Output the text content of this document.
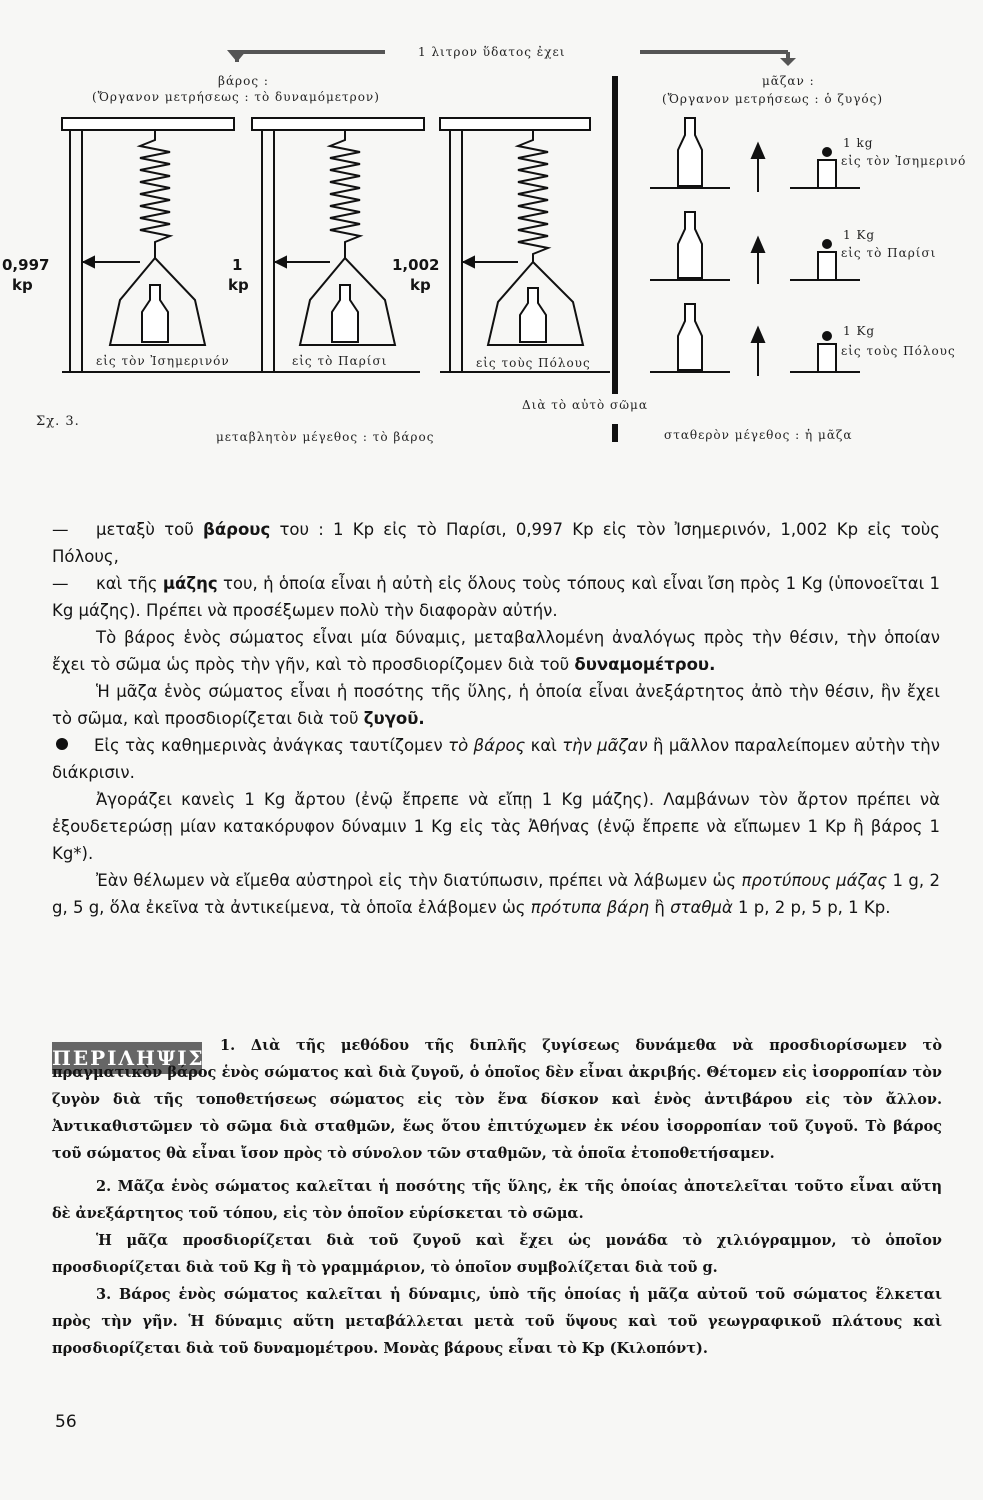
1 λιτρον ὕδατος ἐχει
βάρος :
(Ὄργανον μετρήσεως : τὸ δυναμόμετρον)
μᾶζαν :
(Ὄργανον μετρήσεως : ὁ ζυγός)
0,997
kp
εἰς τὸν Ἰσημερινόν
1
kp
εἰς τὸ Παρίσι
1,002
kp
εἰς τοὺς Πόλους
1 kg
εἰς τὸν Ἰσημερινό
1 Kg
εἰς τὸ Παρίσι
1 Kg
εἰς τοὺς Πόλους
Σχ. 3.
Διὰ τὸ αὐτὸ σῶμα
μεταβλητὸν μέγεθος : τὸ βάρος	σταθερὸν μέγεθος : ἡ μᾶζα

— μεταξὺ τοῦ βάρους του : 1 Kp εἰς τὸ Παρίσι, 0,997 Kp εἰς τὸν Ἰσημερινόν, 1,002 Kp εἰς τοὺς Πόλους,

— καὶ τῆς μάζης του, ἡ ὁποία εἶναι ἡ αὐτὴ εἰς ὅλους τοὺς τόπους καὶ εἶναι ἴση πρὸς 1 Kg (ὑπονοεῖται 1 Kg μάζης). Πρέπει νὰ προσέξωμεν πολὺ τὴν διαφορὰν αὐτήν.

Τὸ βάρος ἑνὸς σώματος εἶναι μία δύναμις, μεταβαλλομένη ἀναλόγως πρὸς τὴν θέσιν, τὴν ὁποίαν ἔχει τὸ σῶμα ὡς πρὸς τὴν γῆν, καὶ τὸ προσδιορίζομεν διὰ τοῦ δυναμομέτρου.

Ἡ μᾶζα ἑνὸς σώματος εἶναι ἡ ποσότης τῆς ὕλης, ἡ ὁποία εἶναι ἀνεξάρτητος ἀπὸ τὴν θέσιν, ἣν ἔχει τὸ σῶμα, καὶ προσδιορίζεται διὰ τοῦ ζυγοῦ.

Εἰς τὰς καθημερινὰς ἀνάγκας ταυτίζομεν τὸ βάρος καὶ τὴν μᾶζαν ἢ μᾶλλον παραλείπομεν αὐτὴν τὴν διάκρισιν.

Ἀγοράζει κανεὶς 1 Kg ἄρτου (ἐνῷ ἔπρεπε νὰ εἴπῃ 1 Kg μάζης). Λαμβάνων τὸν ἄρτον πρέπει νὰ ἐξουδετερώσῃ μίαν κατακόρυφον δύναμιν 1 Kg εἰς τὰς Ἀθήνας (ἐνῷ ἔπρεπε νὰ εἴπωμεν 1 Kp ἢ βάρος 1 Kg*).

Ἐὰν θέλωμεν νὰ εἴμεθα αὐστηροὶ εἰς τὴν διατύπωσιν, πρέπει νὰ λάβωμεν ὡς προτύπους μάζας 1 g, 2 g, 5 g, ὅλα ἐκεῖνα τὰ ἀντικείμενα, τὰ ὁποῖα ἐλάβομεν ὡς πρότυπα βάρη ἢ σταθμὰ 1 p, 2 p, 5 p, 1 Kp.

ΠΕΡΙΛΗΨΙΣ

1. Διὰ τῆς μεθόδου τῆς διπλῆς ζυγίσεως δυνάμεθα νὰ προσδιορίσωμεν τὸ πραγματικὸν βάρος ἑνὸς σώματος καὶ διὰ ζυγοῦ, ὁ ὁποῖος δὲν εἶναι ἀκριβής. Θέτομεν εἰς ἰσορροπίαν τὸν ζυγὸν διὰ τῆς τοποθετήσεως σώματος εἰς τὸν ἕνα δίσκον καὶ ἑνὸς ἀντιβάρου εἰς τὸν ἄλλον. Ἀντικαθιστῶμεν τὸ σῶμα διὰ σταθμῶν, ἕως ὅτου ἐπιτύχωμεν ἐκ νέου ἰσορροπίαν τοῦ ζυγοῦ. Τὸ βάρος τοῦ σώματος θὰ εἶναι ἴσον πρὸς τὸ σύνολον τῶν σταθμῶν, τὰ ὁποῖα ἐτοποθετήσαμεν.

2. Μᾶζα ἑνὸς σώματος καλεῖται ἡ ποσότης τῆς ὕλης, ἐκ τῆς ὁποίας ἀποτελεῖται τοῦτο εἶναι αὕτη δὲ ἀνεξάρτητος τοῦ τόπου, εἰς τὸν ὁποῖον εὑρίσκεται τὸ σῶμα.

Ἡ μᾶζα προσδιορίζεται διὰ τοῦ ζυγοῦ καὶ ἔχει ὡς μονάδα τὸ χιλιόγραμμον, τὸ ὁποῖον προσδιορίζεται διὰ τοῦ Kg ἢ τὸ γραμμάριον, τὸ ὁποῖον συμβολίζεται διὰ τοῦ g.

3. Βάρος ἑνὸς σώματος καλεῖται ἡ δύναμις, ὑπὸ τῆς ὁποίας ἡ μᾶζα αὐτοῦ τοῦ σώματος ἕλκεται πρὸς τὴν γῆν. Ἡ δύναμις αὕτη μεταβάλλεται μετὰ τοῦ ὕψους καὶ τοῦ γεωγραφικοῦ πλάτους καὶ προσδιορίζεται διὰ τοῦ δυναμομέτρου. Μονὰς βάρους εἶναι τὸ Kp (Κιλοπόντ).

56
